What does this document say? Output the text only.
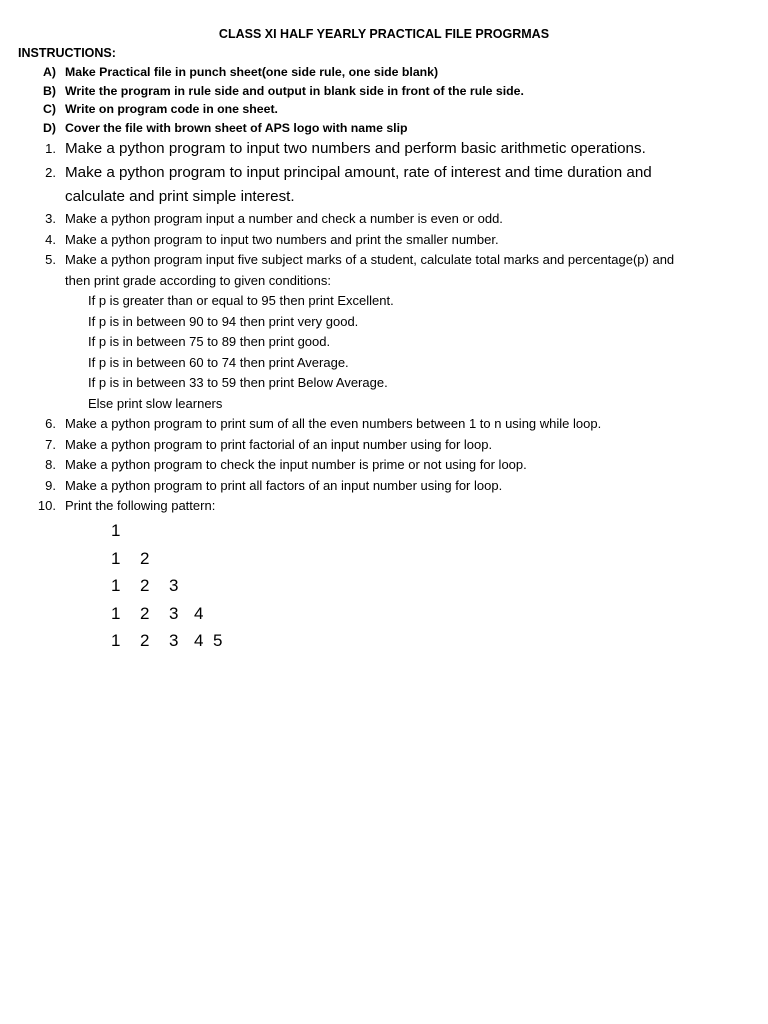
CLASS XI HALF YEARLY PRACTICAL FILE PROGRMAS
INSTRUCTIONS:
A) Make Practical file in punch sheet(one side rule, one side blank)
B) Write the program in rule side and output in blank side in front of the rule side.
C) Write on program code in one sheet.
D) Cover the file with brown sheet of APS logo with name slip
1. Make a python program to input two numbers and perform basic arithmetic operations.
2. Make a python program to input principal amount, rate of interest and time duration and
calculate and print simple interest.
3. Make a python program input a number and check a number is even or odd.
4. Make a python program to input two numbers and print the smaller number.
5. Make a python program input five subject marks of a student, calculate total marks and percentage(p) and
then print grade according to given conditions:
If p is greater than or equal to 95 then print Excellent.
If p is in between 90 to 94 then print very good.
If p is in between 75 to 89 then print good.
If p is in between 60 to 74 then print Average.
If p is in between 33 to 59 then print Below Average.
Else print slow learners
6. Make a python program to print sum of all the even numbers between 1 to n using while loop.
7. Make a python program to print factorial of an input number using for loop.
8. Make a python program to check the input number is prime or not using for loop.
9. Make a python program to print all factors of an input number using for loop.
10. Print the following pattern:
1
1 2
1 2 3
1 2 3 4
1 2 3 4 5
